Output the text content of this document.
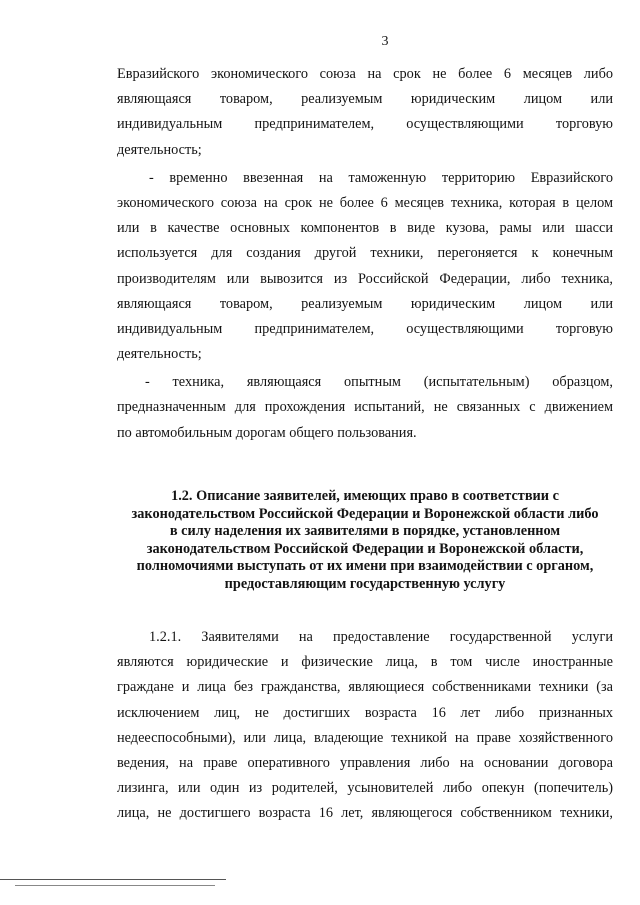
3
Евразийского экономического союза на срок не более 6 месяцев либо
являющаяся товаром, реализуемым юридическим лицом или
индивидуальным предпринимателем, осуществляющими торговую
деятельность;
- временно ввезенная на таможенную территорию Евразийского
экономического союза на срок не более 6 месяцев техника, которая в целом
или в качестве основных компонентов в виде кузова, рамы или шасси
используется для создания другой техники, перегоняется к конечным
производителям или вывозится из Российской Федерации, либо техника,
являющаяся товаром, реализуемым юридическим лицом или
индивидуальным предпринимателем, осуществляющими торговую
деятельность;
- техника, являющаяся опытным (испытательным) образцом,
предназначенным для прохождения испытаний, не связанных с движением
по автомобильным дорогам общего пользования.
1.2. Описание заявителей, имеющих право в соответствии с
законодательством Российской Федерации и Воронежской области либо
в силу наделения их заявителями в порядке, установленном
законодательством Российской Федерации и Воронежской области,
полномочиями выступать от их имени при взаимодействии с органом,
предоставляющим государственную услугу
1.2.1. Заявителями на предоставление государственной услуги
являются юридические и физические лица, в том числе иностранные
граждане и лица без гражданства, являющиеся собственниками техники (за
исключением лиц, не достигших возраста 16 лет либо признанных
недееспособными), или лица, владеющие техникой на праве хозяйственного
ведения, на праве оперативного управления либо на основании договора
лизинга, или один из родителей, усыновителей либо опекун (попечитель)
лица, не достигшего возраста 16 лет, являющегося собственником техники,
